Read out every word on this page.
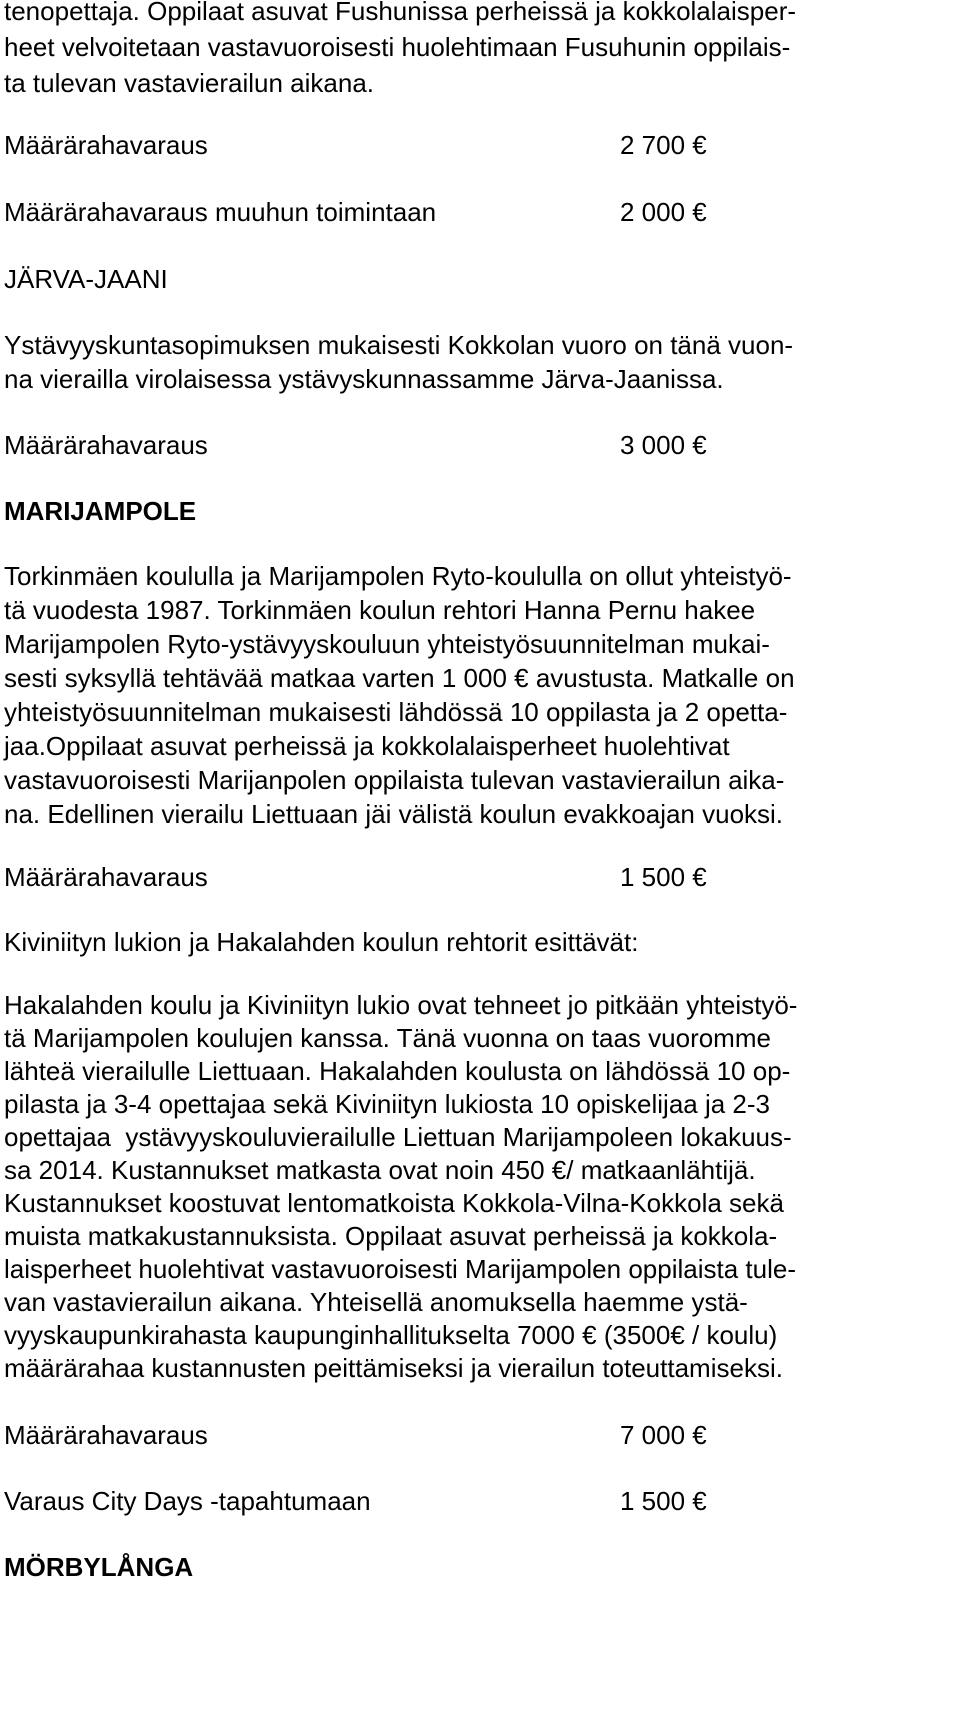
tenopettaja. Oppilaat asuvat Fushunissa perheissä ja kokkolalaisper-
heet velvoitetaan vastavuoroisesti huolehtimaan Fusuhunin oppilais-
ta tulevan vastavierailun aikana.
Määrärahavaraus	2 700 €
Määrärahavaraus muuhun toimintaan	2 000 €
JÄRVA-JAANI
Ystävyyskuntasopimuksen mukaisesti Kokkolan vuoro on tänä vuon-
na vierailla virolaisessa ystävyskunnassamme Järva-Jaanissa.
Määrärahavaraus	3 000 €
MARIJAMPOLE
Torkinmäen koululla ja Marijampolen Ryto-koululla on ollut yhteistyö-
tä vuodesta 1987. Torkinmäen koulun rehtori Hanna Pernu hakee
Marijampolen Ryto-ystävyyskouluun yhteistyösuunnitelman mukai-
sesti syksyllä tehtävää matkaa varten 1 000 € avustusta. Matkalle on
yhteistyösuunnitelman mukaisesti lähdössä 10 oppilasta ja 2 opetta-
jaa.Oppilaat asuvat perheissä ja kokkolalaisperheet huolehtivat
vastavuoroisesti Marijanpolen oppilaista tulevan vastavierailun aika-
na. Edellinen vierailu Liettuaan jäi välistä koulun evakkoajan vuoksi.
Määrärahavaraus	1 500 €
Kiviniityn lukion ja Hakalahden koulun rehtorit esittävät:
Hakalahden koulu ja Kiviniityn lukio ovat tehneet jo pitkään yhteistyö-
tä Marijampolen koulujen kanssa. Tänä vuonna on taas vuoromme
lähteä vierailulle Liettuaan. Hakalahden koulusta on lähdössä 10 op-
pilasta ja 3-4 opettajaa sekä Kiviniityn lukiosta 10 opiskelijaa ja 2-3
opettajaa  ystävyyskouluvierailulle Liettuan Marijampoleen lokakuus-
sa 2014. Kustannukset matkasta ovat noin 450 €/ matkaanlähtijä.
Kustannukset koostuvat lentomatkoista Kokkola-Vilna-Kokkola sekä
muista matkakustannuksista. Oppilaat asuvat perheissä ja kokkola-
laisperheet huolehtivat vastavuoroisesti Marijampolen oppilaista tule-
van vastavierailun aikana. Yhteisellä anomuksella haemme ystä-
vyyskaupunkirahasta kaupunginhallitukselta 7000 € (3500€ / koulu)
määrärahaa kustannusten peittämiseksi ja vierailun toteuttamiseksi.
Määrärahavaraus	7 000 €
Varaus City Days -tapahtumaan	1 500 €
MÖRBYLÅNGA
